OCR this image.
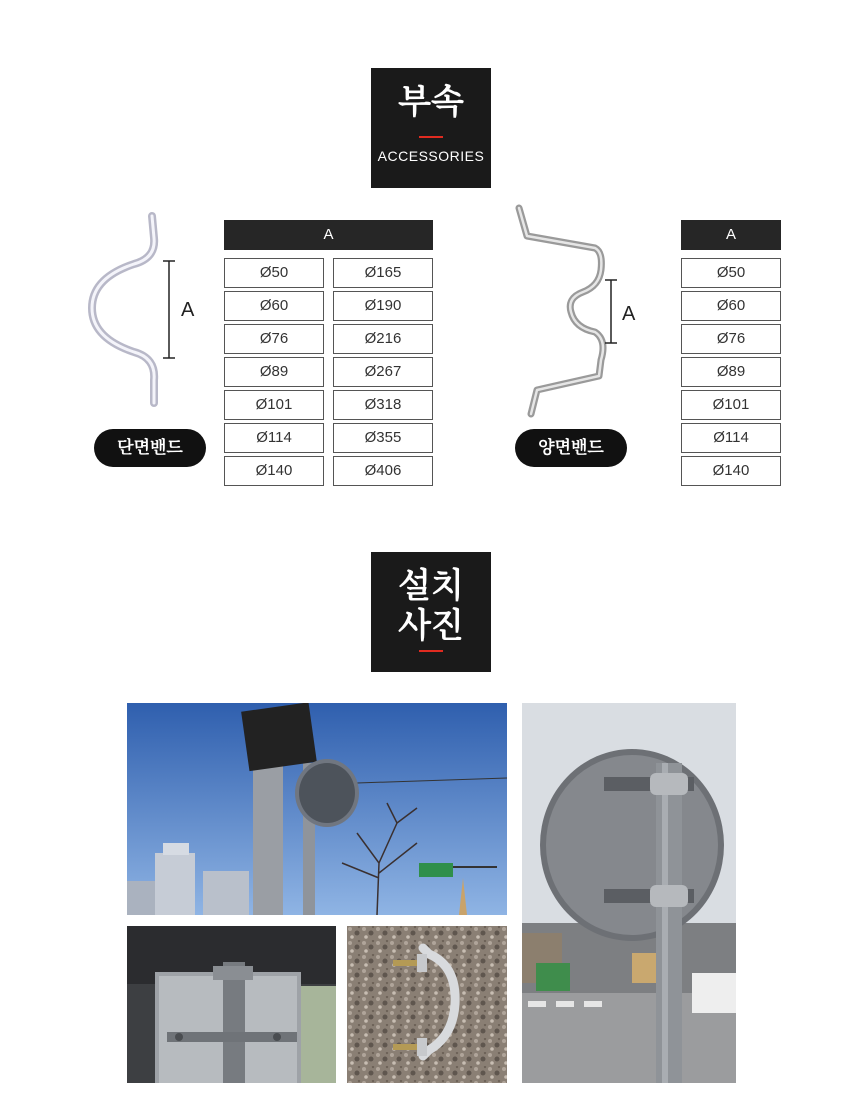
부속
ACCESSORIES
A
단면밴드
A
Ø50
Ø60
Ø76
Ø89
Ø101
Ø114
Ø140
Ø165
Ø190
Ø216
Ø267
Ø318
Ø355
Ø406
A
양면밴드
A
Ø50
Ø60
Ø76
Ø89
Ø101
Ø114
Ø140
설치
사진
